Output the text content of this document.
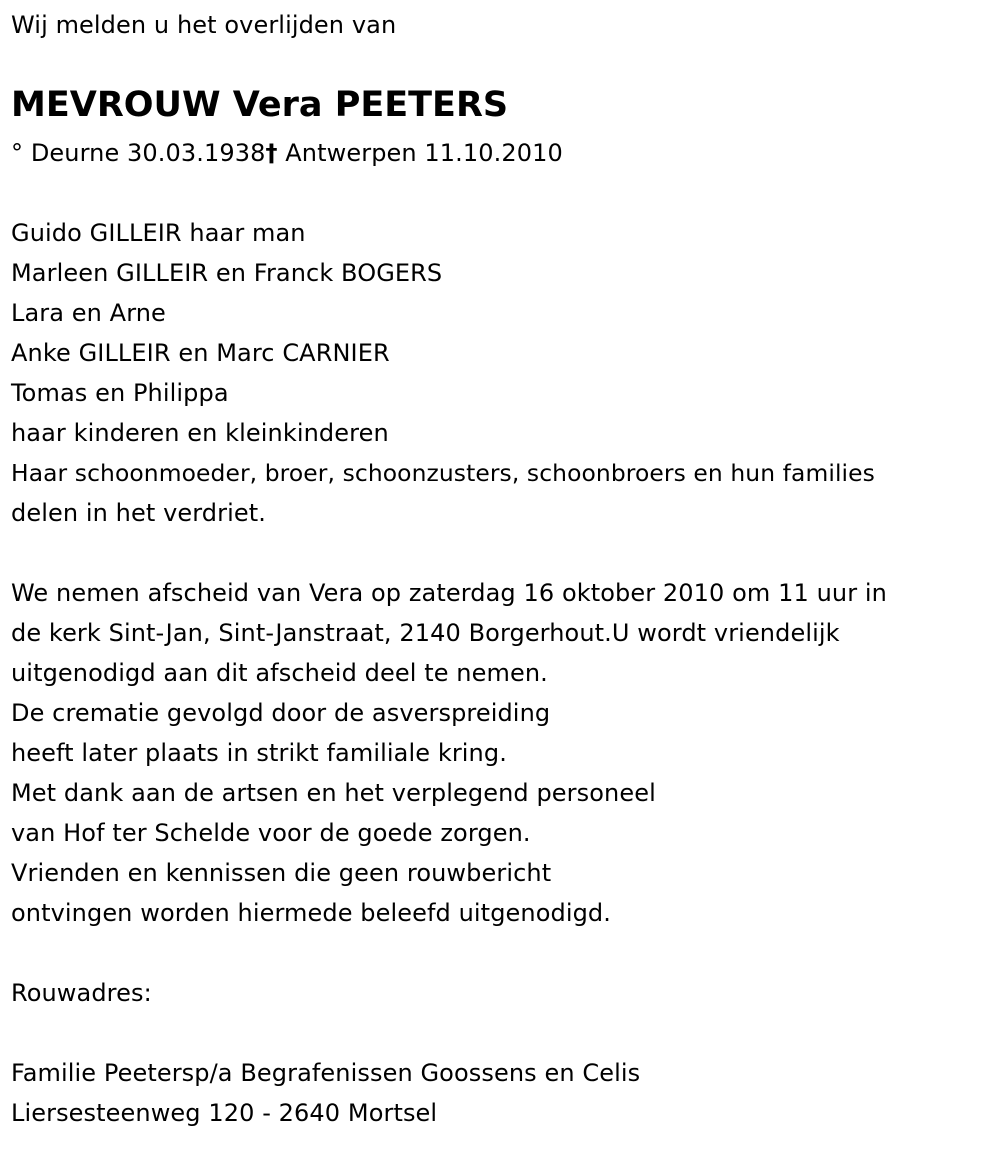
Wij melden u het overlijden van
MEVROUW Vera PEETERS
° Deurne 30.03.1938† Antwerpen 11.10.2010
Guido GILLEIR haar man
Marleen GILLEIR en Franck BOGERS
Lara en Arne
Anke GILLEIR en Marc CARNIER
Tomas en Philippa
haar kinderen en kleinkinderen
Haar schoonmoeder, broer, schoonzusters, schoonbroers en hun families
delen in het verdriet.
We nemen afscheid van Vera op zaterdag 16 oktober 2010 om 11 uur in
de kerk Sint-Jan, Sint-Janstraat, 2140 Borgerhout.U wordt vriendelijk
uitgenodigd aan dit afscheid deel te nemen.
De crematie gevolgd door de asverspreiding
heeft later plaats in strikt familiale kring.
Met dank aan de artsen en het verplegend personeel
van Hof ter Schelde voor de goede zorgen.
Vrienden en kennissen die geen rouwbericht
ontvingen worden hiermede beleefd uitgenodigd.
Rouwadres:
Familie Peetersp/a Begrafenissen Goossens en Celis
Liersesteenweg 120 - 2640 Mortsel
